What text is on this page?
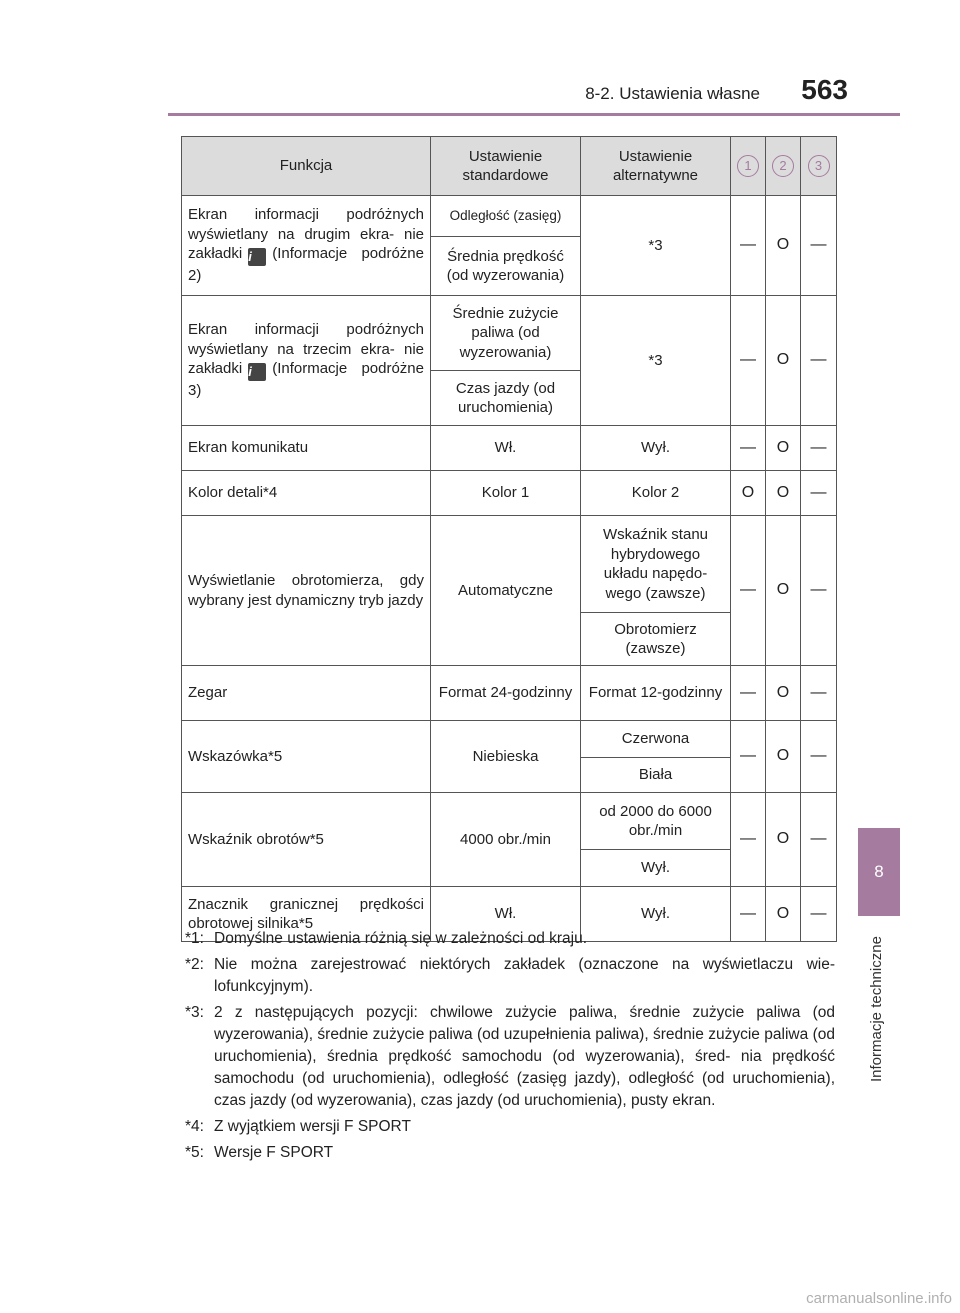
8-2. Ustawienia własne 563
8
Informacje techniczne
Funkcja	Ustawienie standardowe	Ustawienie alternatywne	1	2	3
Ekran informacji podróżnych wyświetlany na drugim ekra- nie zakładki i (Informacje podróżne 2)	Odległość (zasięg)	*3	—	O	—
	Średnia prędkość (od wyzerowania)				
Ekran informacji podróżnych wyświetlany na trzecim ekra- nie zakładki i (Informacje podróżne 3)	Średnie zużycie paliwa (od wyzerowania)	*3	—	O	—
	Czas jazdy (od uruchomienia)				
Ekran komunikatu	Wł.	Wył.	—	O	—
Kolor detali*4	Kolor 1	Kolor 2	O	O	—
Wyświetlanie obrotomierza, gdy wybrany jest dynamiczny tryb jazdy	Automatyczne	Wskaźnik stanu hybrydowego układu napędo- wego (zawsze)	—	O	—
		Obrotomierz (zawsze)			
Zegar	Format 24-godzinny	Format 12-godzinny	—	O	—
Wskazówka*5	Niebieska	Czerwona	—	O	—
		Biała			
Wskaźnik obrotów*5	4000 obr./min	od 2000 do 6000 obr./min	—	O	—
		Wył.			
Znacznik granicznej prędkości obrotowej silnika*5	Wł.	Wył.	—	O	—
*1: Domyślne ustawienia różnią się w zależności od kraju.
*2: Nie można zarejestrować niektórych zakładek (oznaczone na wyświetlaczu wie- lofunkcyjnym).
*3: 2 z następujących pozycji: chwilowe zużycie paliwa, średnie zużycie paliwa (od wyzerowania), średnie zużycie paliwa (od uzupełnienia paliwa), średnie zużycie paliwa (od uruchomienia), średnia prędkość samochodu (od wyzerowania), śred- nia prędkość samochodu (od uruchomienia), odległość (zasięg jazdy), odległość (od uruchomienia), czas jazdy (od wyzerowania), czas jazdy (od uruchomienia), pusty ekran.
*4: Z wyjątkiem wersji F SPORT
*5: Wersje F SPORT
carmanualsonline.info
